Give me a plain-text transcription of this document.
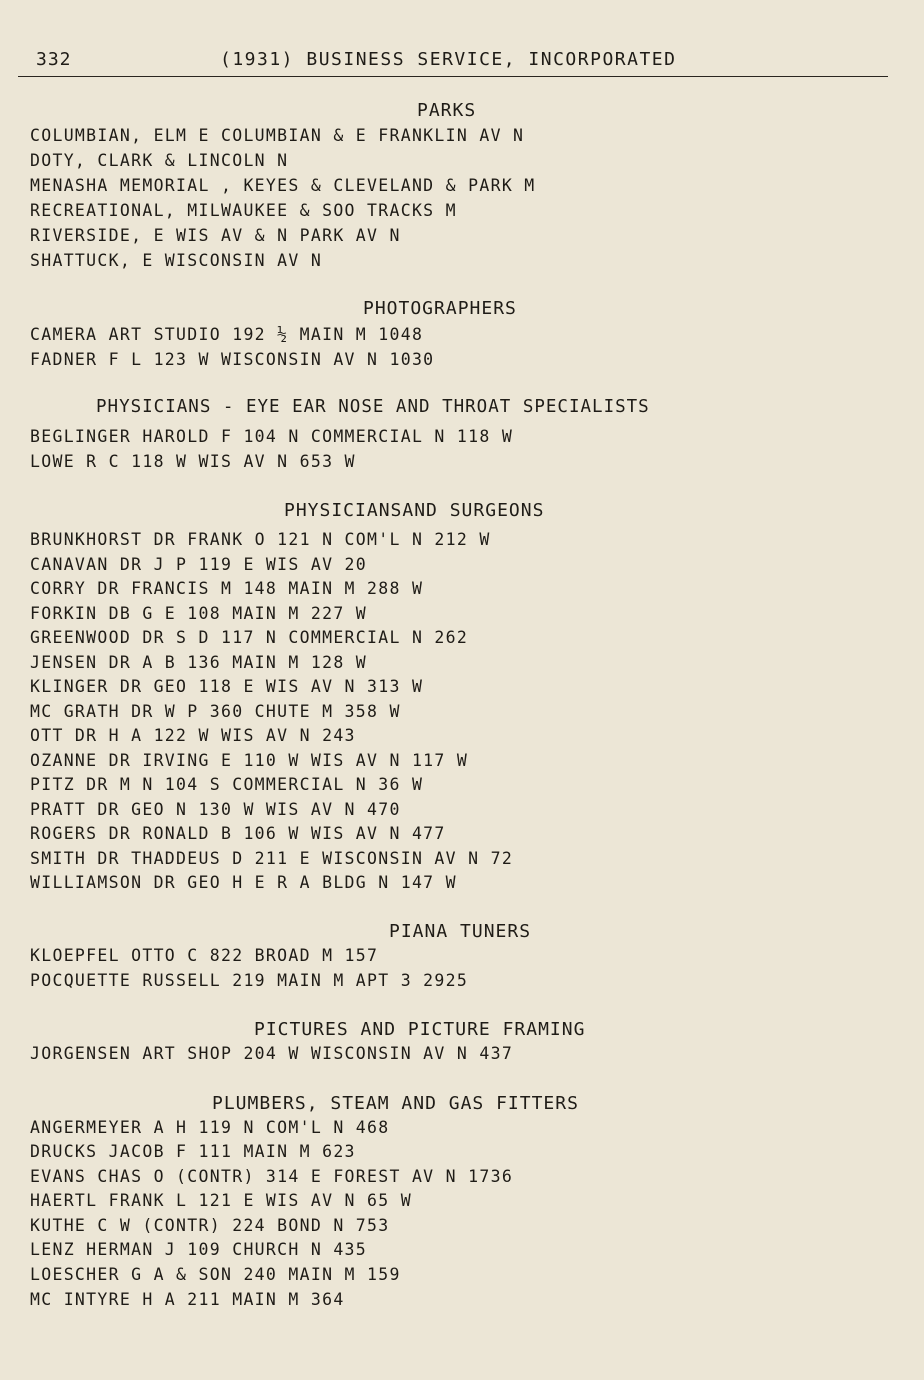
332	(1931) BUSINESS SERVICE, INCORPORATED
PARKS
COLUMBIAN, ELM E COLUMBIAN & E FRANKLIN AV N
DOTY, CLARK & LINCOLN N
MENASHA MEMORIAL , KEYES & CLEVELAND & PARK M
RECREATIONAL, MILWAUKEE & SOO TRACKS M
RIVERSIDE, E WIS AV & N PARK AV N
SHATTUCK, E WISCONSIN AV N
PHOTOGRAPHERS
CAMERA ART STUDIO 192 ½ MAIN M 1048
FADNER F L 123 W WISCONSIN AV N 1030
PHYSICIANS - EYE EAR NOSE AND THROAT SPECIALISTS
BEGLINGER HAROLD F 104 N COMMERCIAL N 118 W
LOWE R C 118 W WIS AV N 653 W
PHYSICIANSAND SURGEONS
BRUNKHORST DR FRANK O 121 N COM'L N 212 W
CANAVAN DR J P 119 E WIS AV 20
CORRY DR FRANCIS M 148 MAIN M 288 W
FORKIN DB G E 108 MAIN M 227 W
GREENWOOD DR S D 117 N COMMERCIAL N 262
JENSEN DR A B 136 MAIN M 128 W
KLINGER DR GEO 118 E WIS AV N 313 W
MC GRATH DR W P 360 CHUTE M 358 W
OTT DR H A 122 W WIS AV N 243
OZANNE DR IRVING E 110 W WIS AV N 117 W
PITZ DR M N 104 S COMMERCIAL N 36 W
PRATT DR GEO N 130 W WIS AV N 470
ROGERS DR RONALD B 106 W WIS AV N 477
SMITH DR THADDEUS D 211 E WISCONSIN AV N 72
WILLIAMSON DR GEO H E R A BLDG N 147 W
PIANA TUNERS
KLOEPFEL OTTO C 822 BROAD M 157
POCQUETTE RUSSELL 219 MAIN M APT 3 2925
PICTURES AND PICTURE FRAMING
JORGENSEN ART SHOP 204 W WISCONSIN AV N 437
PLUMBERS, STEAM AND GAS FITTERS
ANGERMEYER A H 119 N COM'L N 468
DRUCKS JACOB F 111 MAIN M 623
EVANS CHAS O (CONTR) 314 E FOREST AV N 1736
HAERTL FRANK L 121 E WIS AV N 65 W
KUTHE C W (CONTR) 224 BOND N 753
LENZ HERMAN J 109 CHURCH N 435
LOESCHER G A & SON 240 MAIN M 159
MC INTYRE H A 211 MAIN M 364
